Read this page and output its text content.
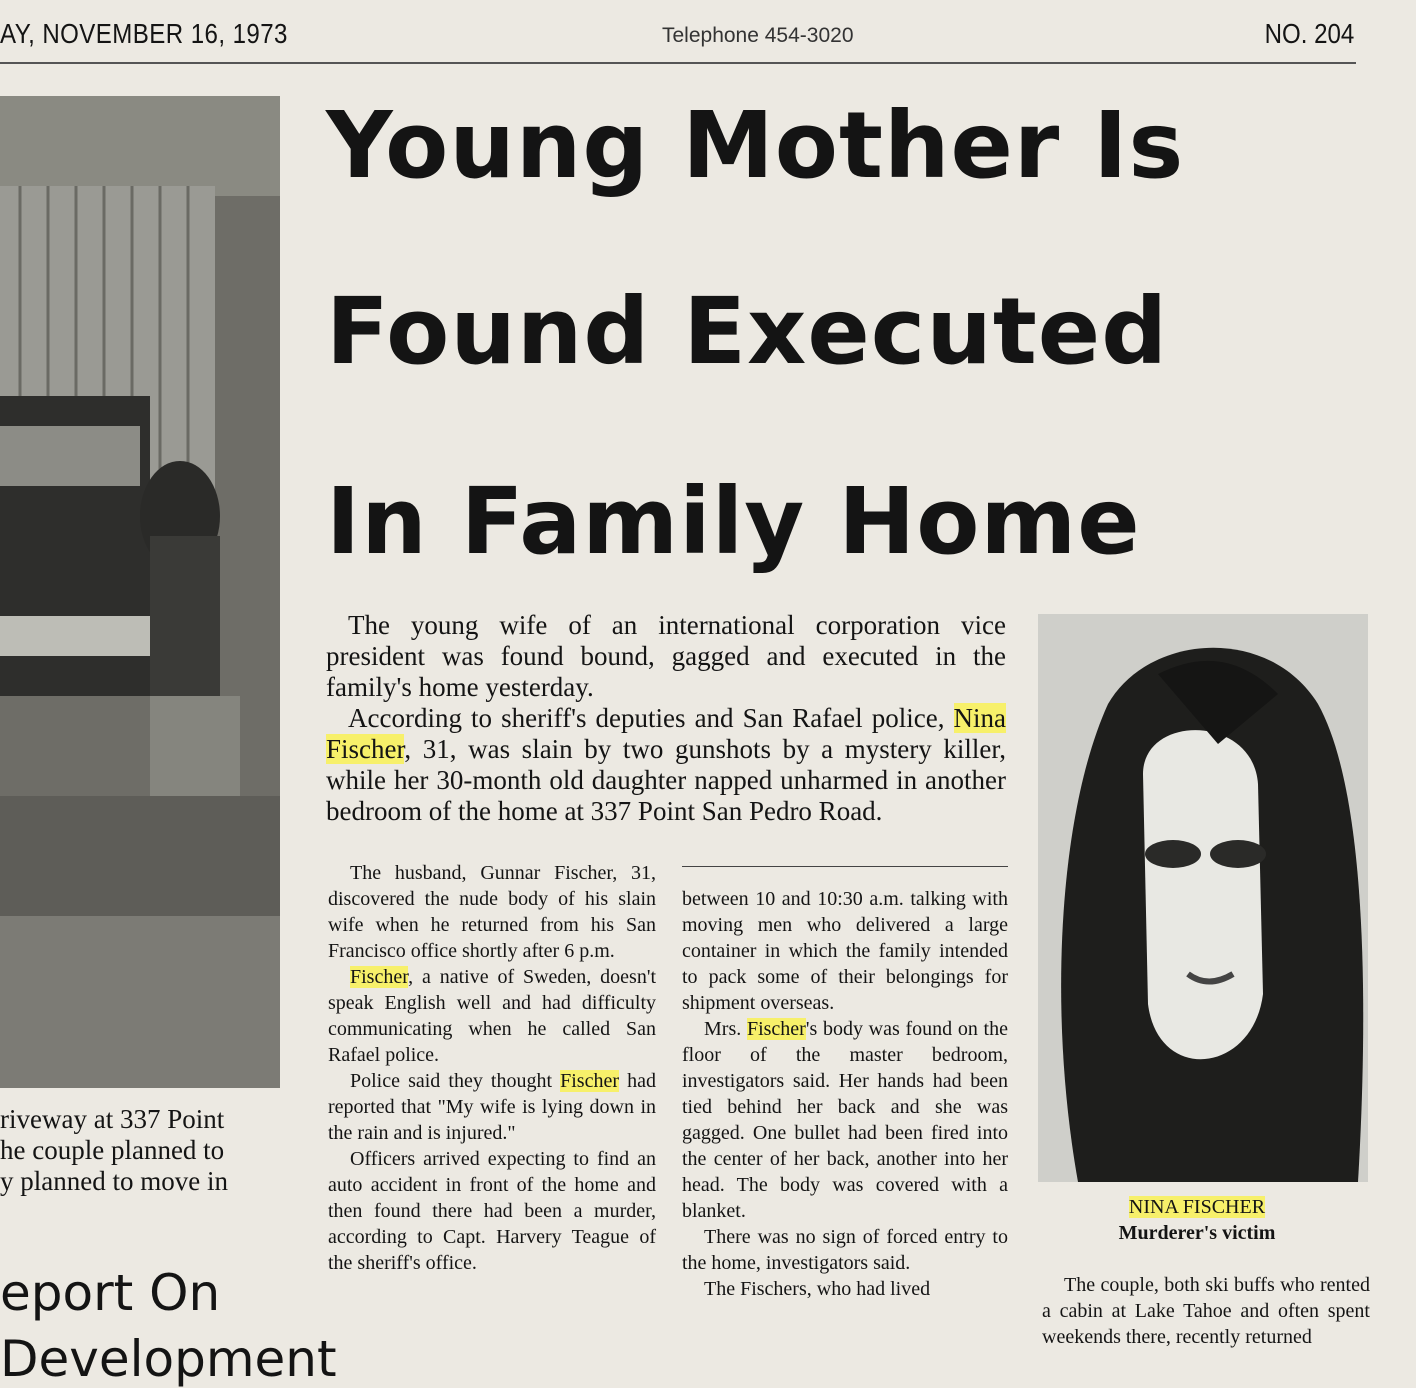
AY, NOVEMBER 16, 1973	Telephone 454-3020	NO. 204
riveway at 337 Point
he couple planned to
y planned to move in
eport On
Development
Young Mother Is
Found Executed
In Family Home

The young wife of an international corporation vice president was found bound, gagged and executed in the family's home yesterday.

According to sheriff's deputies and San Rafael police, Nina Fischer, 31, was slain by two gunshots by a mystery killer, while her 30-month old daughter napped unharmed in another bedroom of the home at 337 Point San Pedro Road.

The husband, Gunnar Fischer, 31, discovered the nude body of his slain wife when he returned from his San Francisco office shortly after 6 p.m.

Fischer, a native of Sweden, doesn't speak English well and had difficulty communicating when he called San Rafael police.

Police said they thought Fischer had reported that "My wife is lying down in the rain and is injured."

Officers arrived expecting to find an auto accident in front of the home and then found there had been a murder, according to Capt. Harvery Teague of the sheriff's office.

between 10 and 10:30 a.m. talking with moving men who delivered a large container in which the family intended to pack some of their belongings for shipment overseas.

Mrs. Fischer's body was found on the floor of the master bedroom, investigators said. Her hands had been tied behind her back and she was gagged. One bullet had been fired into the center of her back, another into her head. The body was covered with a blanket.

There was no sign of forced entry to the home, investigators said.

The Fischers, who had lived

NINA FISCHER
Murderer's victim

The couple, both ski buffs who rented a cabin at Lake Tahoe and often spent weekends there, recently returned
